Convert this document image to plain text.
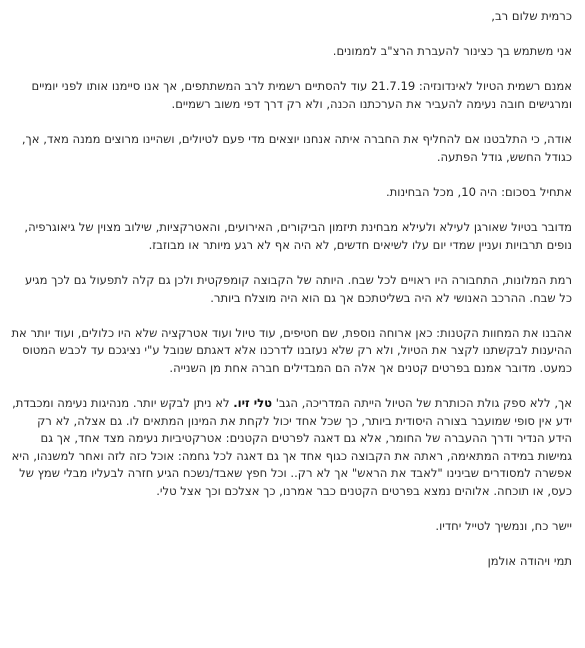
כרמית שלום רב,

אני משתמש בך כצינור להעברת הרצ"ב לממונים.

אמנם רשמית הטיול לאינדונזיה: 21.7.19 עוד להסתיים רשמית לרב המשתתפים, אך אנו סיימנו אותו לפני יומיים ומרגישים חובה נעימה להעביר את הערכתנו הכנה, ולא רק דרך דפי משוב רשמיים.

אודה, כי התלבטנו אם להחליף את החברה איתה אנחנו יוצאים מדי פעם לטיולים, ושהיינו מרוצים ממנה מאד, אך, כגודל החשש, גודל הפתעה.

אתחיל בסכום: היה 10, מכל הבחינות.

מדובר בטיול שאורגן לעילא ולעילא מבחינת תיזמון הביקורים, האירועים, והאטרקציות, שילוב מצוין של גיאוגרפיה, נופים תרבויות ועניין שמדי יום עלו לשיאים חדשים, לא היה אף לא רגע מיותר או מבוזבז.

רמת המלונות, התחבורה היו ראויים לכל שבח. היותה של הקבוצה קומפקטית ולכן גם קלה לתפעול גם לכך מגיע כל שבח. ההרכב האנושי לא היה בשליטתכם אך גם הוא היה מוצלח ביותר.

אהבנו את המחוות הקטנות: כאן ארוחה נוספת, שם חטיפים, עוד טיול ועוד אטרקציה שלא היו כלולים, ועוד יותר את ההיענות לבקשתנו לקצר את הטיול, ולא רק שלא נעזבנו לדרכנו אלא דאגתם שנובל ע"י נציגכם עד לכבש המטוס כמעט. מדובר אמנם בפרטים קטנים אך אלה הם המבדילים חברה אחת מן השנייה.

אך, ללא ספק גולת הכותרת של הטיול הייתה המדריכה, הגב' טלי זיו. לא ניתן לבקש יותר. מנהיגות נעימה ומכבדת, ידע אין סופי שמועבר בצורה היסודית ביותר, כך שכל אחד יכול לקחת את המינון המתאים לו. גם אצלה, לא רק הידע הנדיר ודרך ההעברה של החומר, אלא גם דאגה לפרטים הקטנים: אטרקטיביות נעימה מצד אחד, אך גם גמישות במידה המתאימה, ראתה את הקבוצה כגוף אחד אך גם דאגה לכל גחמה: אוכל כזה לזה ואחר למשנהו, היא אפשרה למסודרים שבינינו "לאבד את הראש" אך לא רק.. וכל חפץ שאבד/נשכח הגיע חזרה לבעליו מבלי שמץ של כעס, או תוכחה. אלוהים נמצא בפרטים הקטנים כבר אמרנו, כך אצלכם וכך אצל טלי.

יישר כח, ונמשיך לטייל יחדיו.

תמי ויהודה אולמן
